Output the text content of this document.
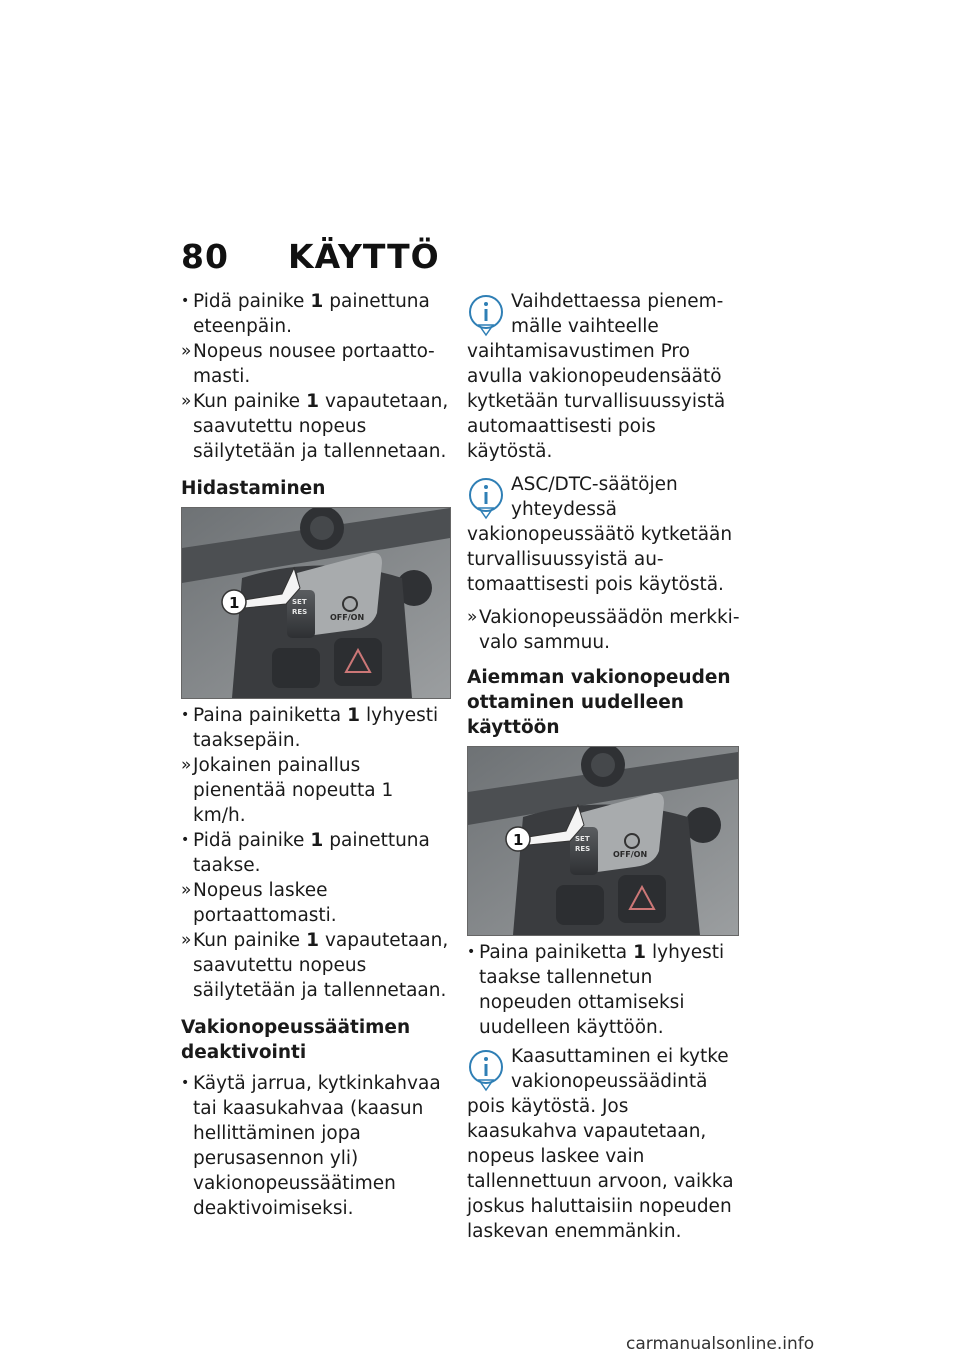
80 KÄYTTÖ
• Pidä painike 1 painettuna eteenpäin.
» Nopeus nousee portaattomasti.
» Kun painike 1 vapautetaan, saavutettu nopeus säilytetään ja tallennetaan.
Hidastaminen
SET
RES
OFF/ON
1
• Paina painiketta 1 lyhyesti taaksepäin.
» Jokainen painallus pienentää nopeutta 1 km/h.
• Pidä painike 1 painettuna taakse.
» Nopeus laskee portaattomasti.
» Kun painike 1 vapautetaan, saavutettu nopeus säilytetään ja tallennetaan.
Vakionopeussäätimen deaktivointi
• Käytä jarrua, kytkinkahvaa tai kaasukahvaa (kaasun hellittäminen jopa perusasennon yli) vakionopeussäätimen deaktivoimiseksi.

Vaihdettaessa pienemmälle vaihteelle vaihtamisavustimen Pro avulla vakionopeudensäätö kytketään turvallisuussyistä automaattisesti pois käytöstä.

ASC/DTC-säätöjen yhteydessä vakionopeussäätö kytketään turvallisuussyistä automaattisesti pois käytöstä.

» Vakionopeussäädön merkkivalo sammuu.
Aiemman vakionopeuden ottaminen uudelleen käyttöön
SET
RES
OFF/ON
1
• Paina painiketta 1 lyhyesti taakse tallennetun nopeuden ottamiseksi uudelleen käyttöön.

Kaasuttaminen ei kytke vakionopeussäädintä pois käytöstä. Jos kaasukahva vapautetaan, nopeus laskee vain tallennettuun arvoon, vaikka joskus haluttaisiin nopeuden laskevan enemmänkin.

carmanualsonline.info
